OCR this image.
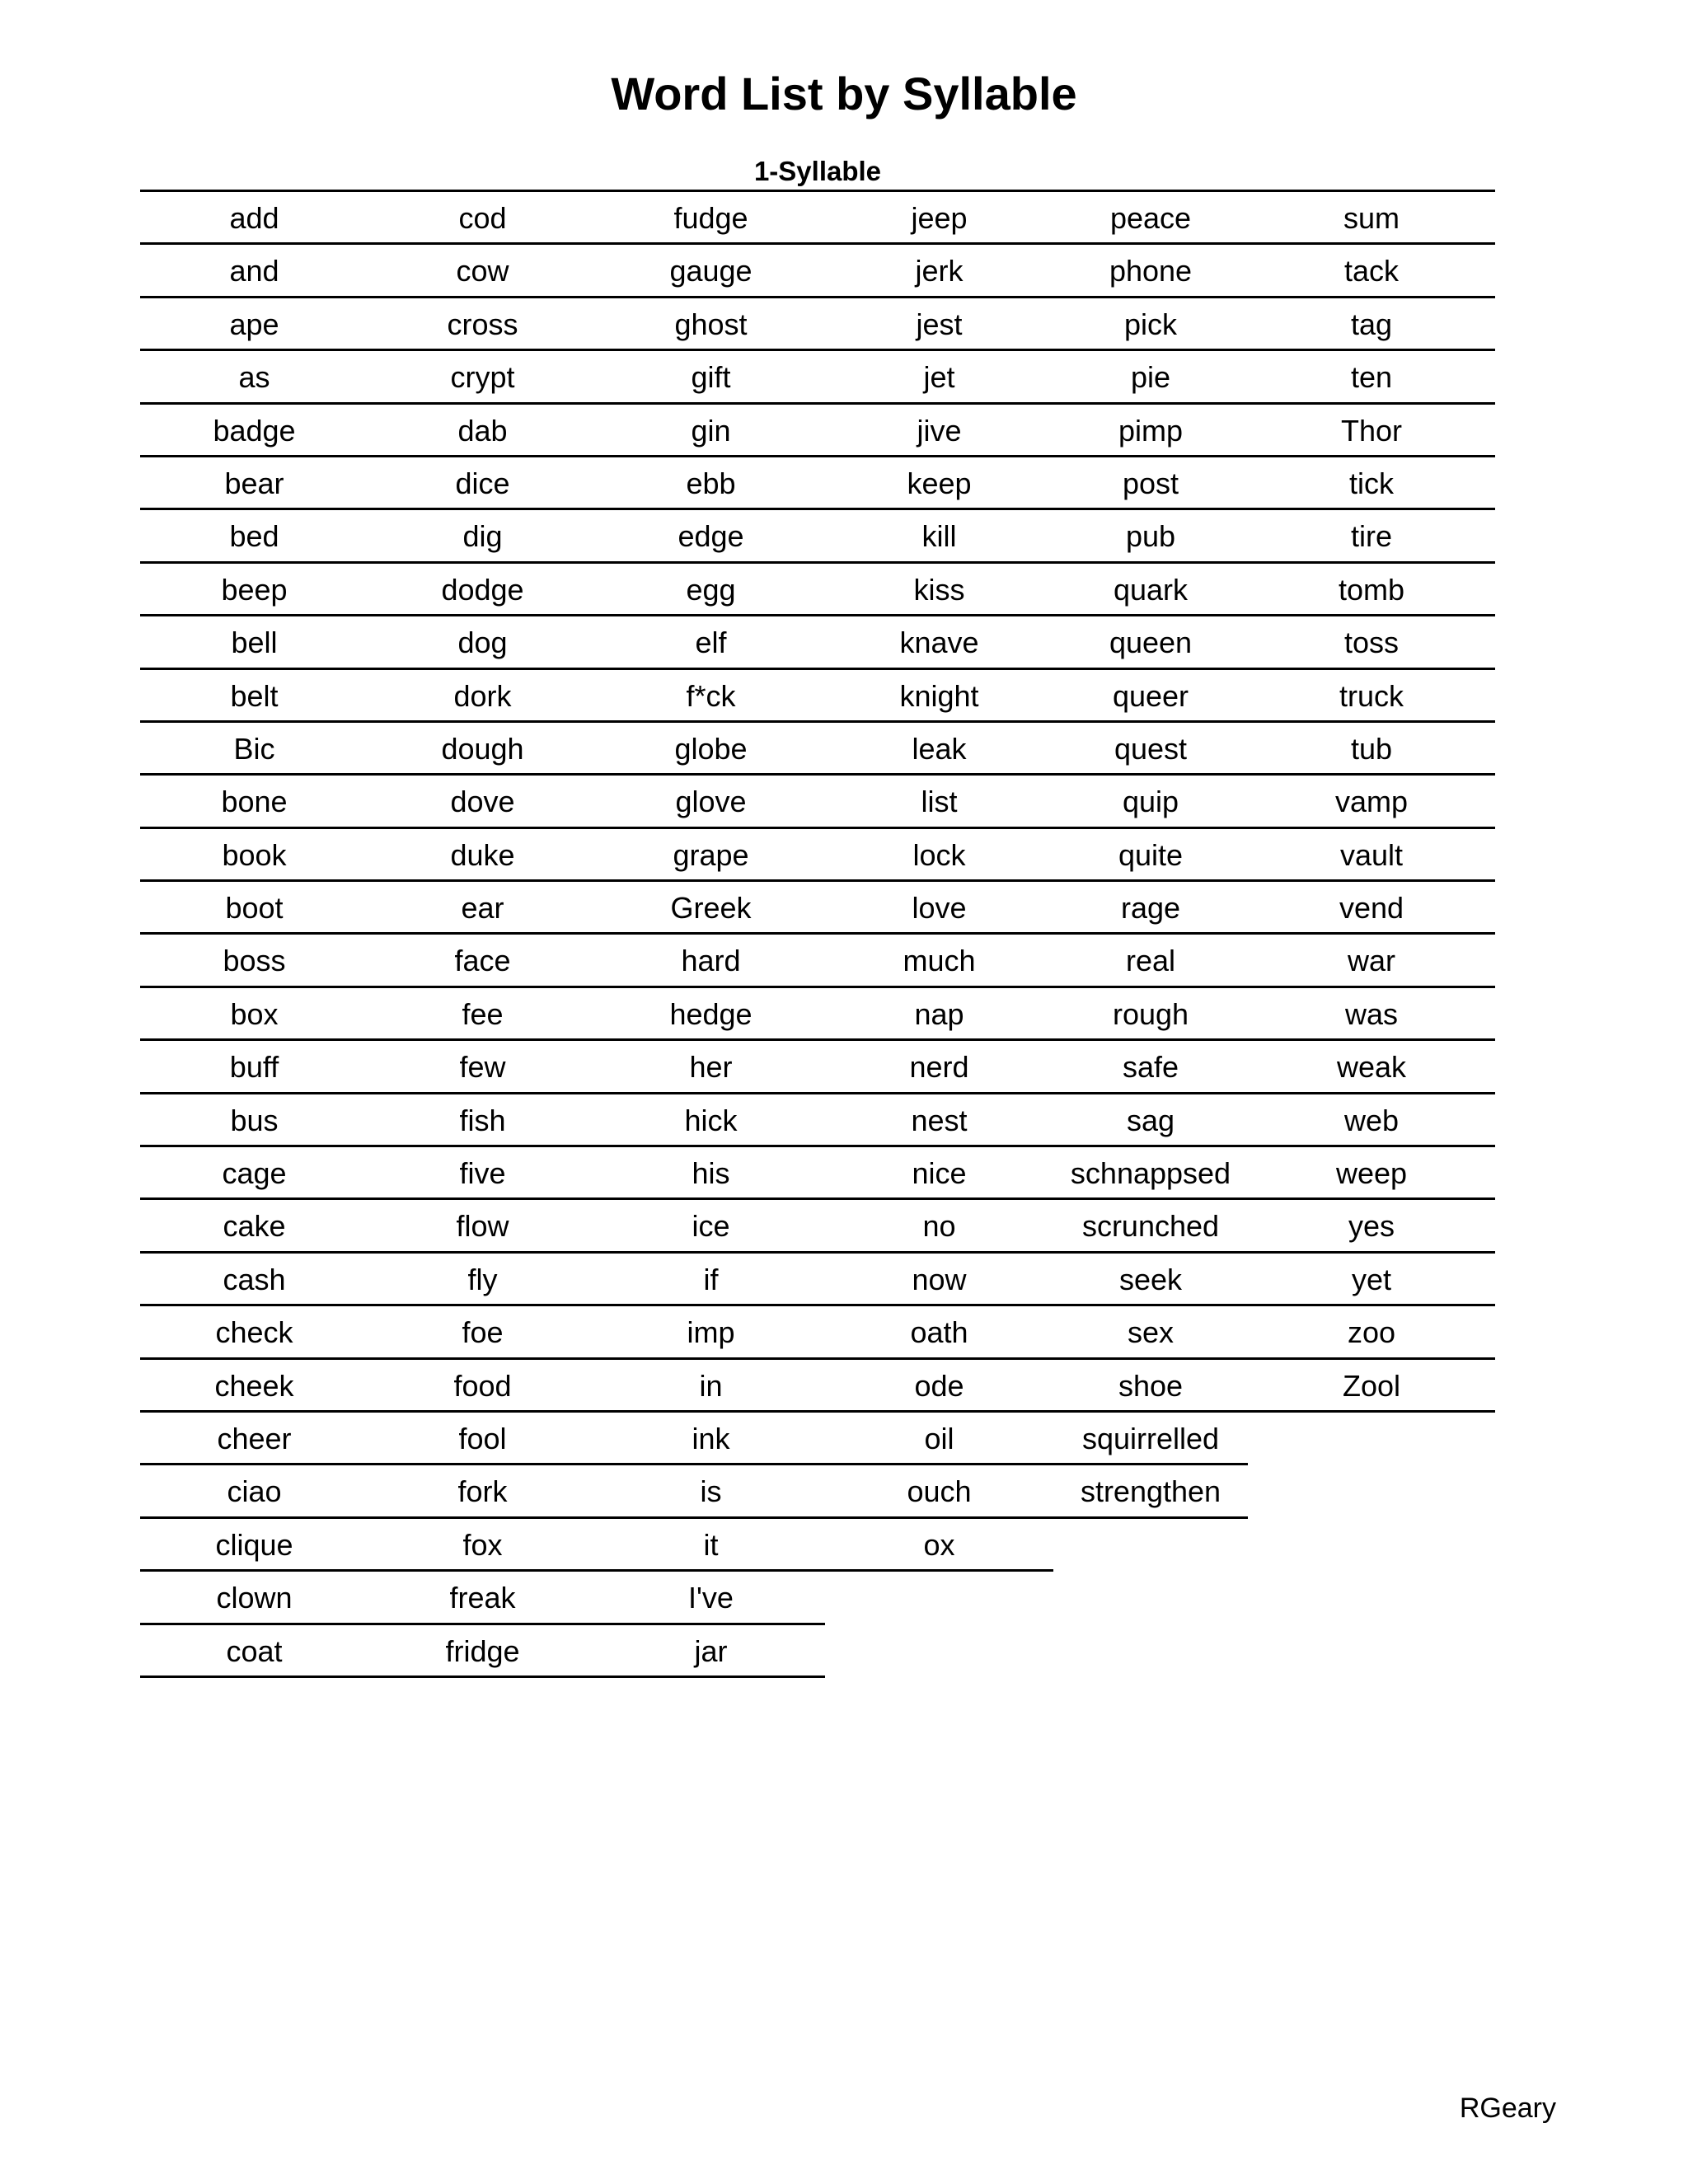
Word List by Syllable
1-Syllable
add	cod	fudge	jeep	peace	sum
and	cow	gauge	jerk	phone	tack
ape	cross	ghost	jest	pick	tag
as	crypt	gift	jet	pie	ten
badge	dab	gin	jive	pimp	Thor
bear	dice	ebb	keep	post	tick
bed	dig	edge	kill	pub	tire
beep	dodge	egg	kiss	quark	tomb
bell	dog	elf	knave	queen	toss
belt	dork	f*ck	knight	queer	truck
Bic	dough	globe	leak	quest	tub
bone	dove	glove	list	quip	vamp
book	duke	grape	lock	quite	vault
boot	ear	Greek	love	rage	vend
boss	face	hard	much	real	war
box	fee	hedge	nap	rough	was
buff	few	her	nerd	safe	weak
bus	fish	hick	nest	sag	web
cage	five	his	nice	schnappsed	weep
cake	flow	ice	no	scrunched	yes
cash	fly	if	now	seek	yet
check	foe	imp	oath	sex	zoo
cheek	food	in	ode	shoe	Zool
cheer	fool	ink	oil	squirrelled
ciao	fork	is	ouch	strengthen
clique	fox	it	ox
clown	freak	I've
coat	fridge	jar

RGeary
